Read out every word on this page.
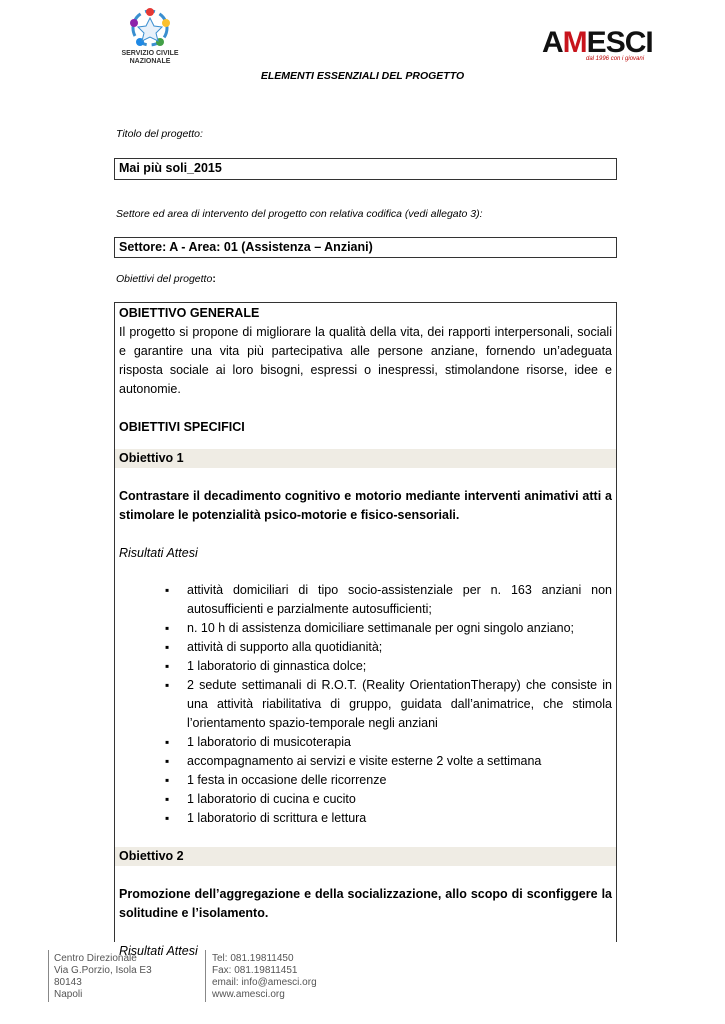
SERVIZIO CIVILE
NAZIONALE
AMESCI
dal 1996 con i giovani
ELEMENTI ESSENZIALI DEL PROGETTO
Titolo del progetto:
Mai più soli_2015
Settore ed area di intervento del progetto con relativa codifica (vedi allegato 3):
Settore: A - Area: 01 (Assistenza – Anziani)
Obiettivi del progetto:

OBIETTIVO GENERALE

Il progetto si propone di migliorare la qualità della vita, dei rapporti interpersonali, sociali e garantire una vita più partecipativa alle persone anziane, fornendo un’adeguata risposta sociale ai loro bisogni, espressi o inespressi, stimolandone risorse, idee e autonomie.

OBIETTIVI SPECIFICI

Obiettivo 1

Contrastare il decadimento cognitivo e motorio mediante interventi animativi atti a stimolare le potenzialità psico-motorie e fisico-sensoriali.

Risultati Attesi

▪ attività domiciliari di tipo socio-assistenziale per n. 163 anziani non autosufficienti e parzialmente autosufficienti;
▪ n. 10 h di assistenza domiciliare settimanale per ogni singolo anziano;
▪ attività di supporto alla quotidianità;
▪ 1 laboratorio di ginnastica dolce;
▪ 2 sedute settimanali di R.O.T. (Reality OrientationTherapy) che consiste in una attività riabilitativa di gruppo, guidata dall’animatrice, che stimola l’orientamento spazio-temporale negli anziani
▪ 1 laboratorio di musicoterapia
▪ accompagnamento ai servizi e visite esterne 2 volte a settimana
▪ 1 festa in occasione delle ricorrenze
▪ 1 laboratorio di cucina e cucito
▪ 1 laboratorio di scrittura e lettura

Obiettivo 2

Promozione dell’aggregazione e della socializzazione, allo scopo di sconfiggere la solitudine e l’isolamento.

Risultati Attesi

Centro Direzionale
Via G.Porzio, Isola E3
80143
Napoli
Tel: 081.19811450
Fax: 081.19811451
email: info@amesci.org
www.amesci.org
